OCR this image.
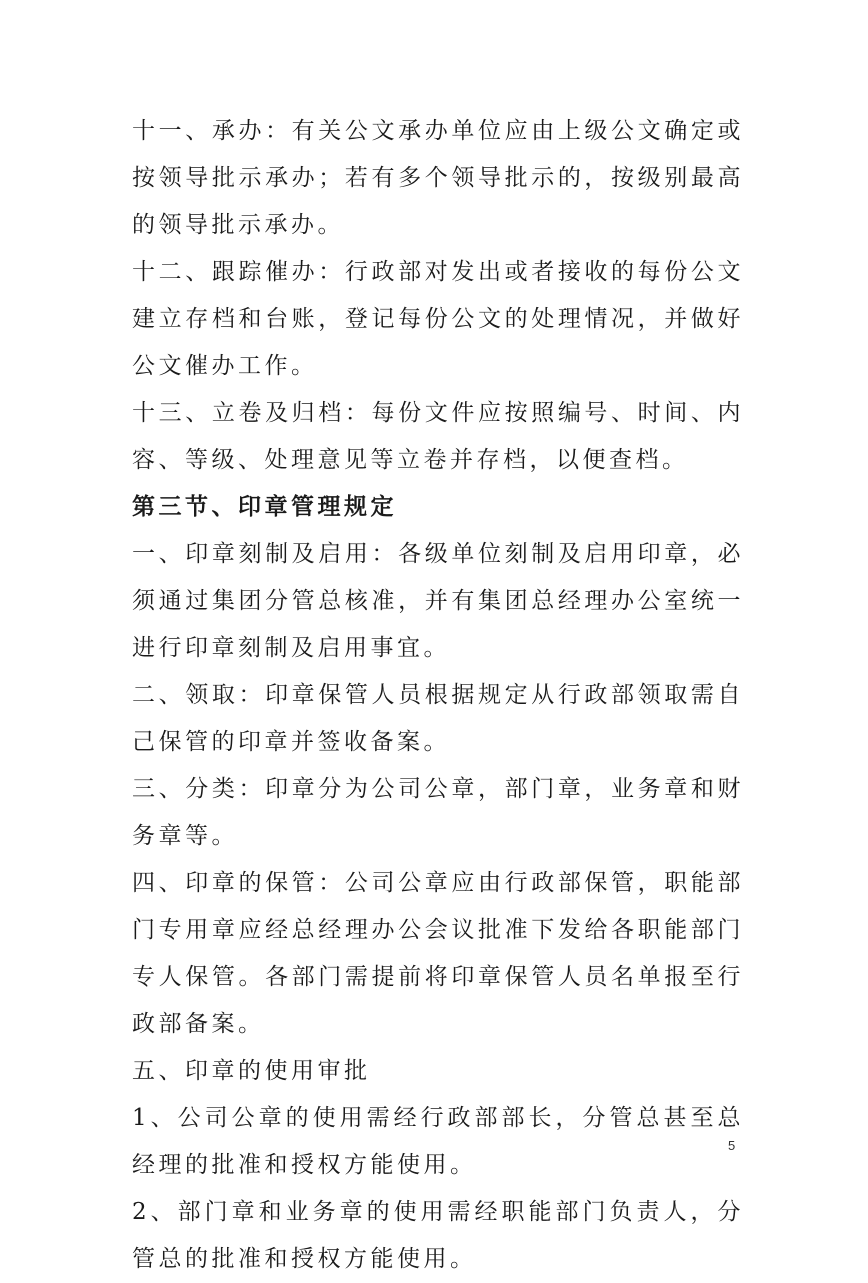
十一、承办：有关公文承办单位应由上级公文确定或按领导批示承办；若有多个领导批示的，按级别最高的领导批示承办。

十二、跟踪催办：行政部对发出或者接收的每份公文建立存档和台账，登记每份公文的处理情况，并做好公文催办工作。

十三、立卷及归档：每份文件应按照编号、时间、内容、等级、处理意见等立卷并存档，以便查档。

第三节、印章管理规定

一、印章刻制及启用：各级单位刻制及启用印章，必须通过集团分管总核准，并有集团总经理办公室统一进行印章刻制及启用事宜。

二、领取：印章保管人员根据规定从行政部领取需自己保管的印章并签收备案。

三、分类：印章分为公司公章，部门章，业务章和财务章等。

四、印章的保管：公司公章应由行政部保管，职能部门专用章应经总经理办公会议批准下发给各职能部门专人保管。各部门需提前将印章保管人员名单报至行政部备案。

五、印章的使用审批

1、公司公章的使用需经行政部部长，分管总甚至总经理的批准和授权方能使用。

2、部门章和业务章的使用需经职能部门负责人，分管总的批准和授权方能使用。

5
